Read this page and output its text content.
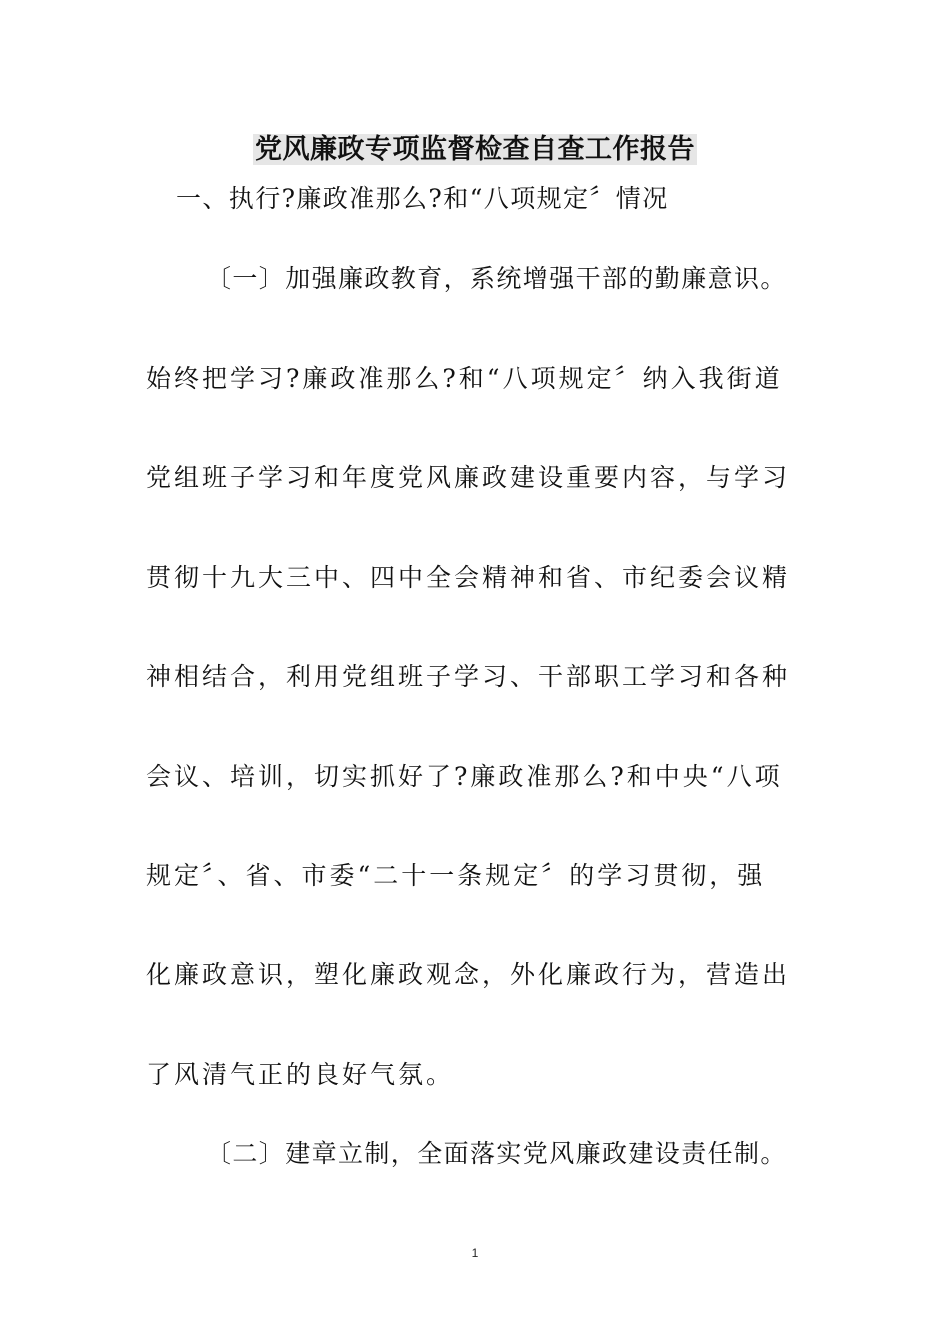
党风廉政专项监督检查自查工作报告
一、执行?廉政准那么?和“八项规定〞情况
〔一〕加强廉政教育，系统增强干部的勤廉意识。
始终把学习?廉政准那么?和“八项规定〞纳入我街道
党组班子学习和年度党风廉政建设重要内容，与学习
贯彻十九大三中、四中全会精神和省、市纪委会议精
神相结合，利用党组班子学习、干部职工学习和各种
会议、培训，切实抓好了?廉政准那么?和中央“八项
规定〞、省、市委“二十一条规定〞的学习贯彻，强
化廉政意识，塑化廉政观念，外化廉政行为，营造出
了风清气正的良好气氛。
〔二〕建章立制，全面落实党风廉政建设责任制。
1
